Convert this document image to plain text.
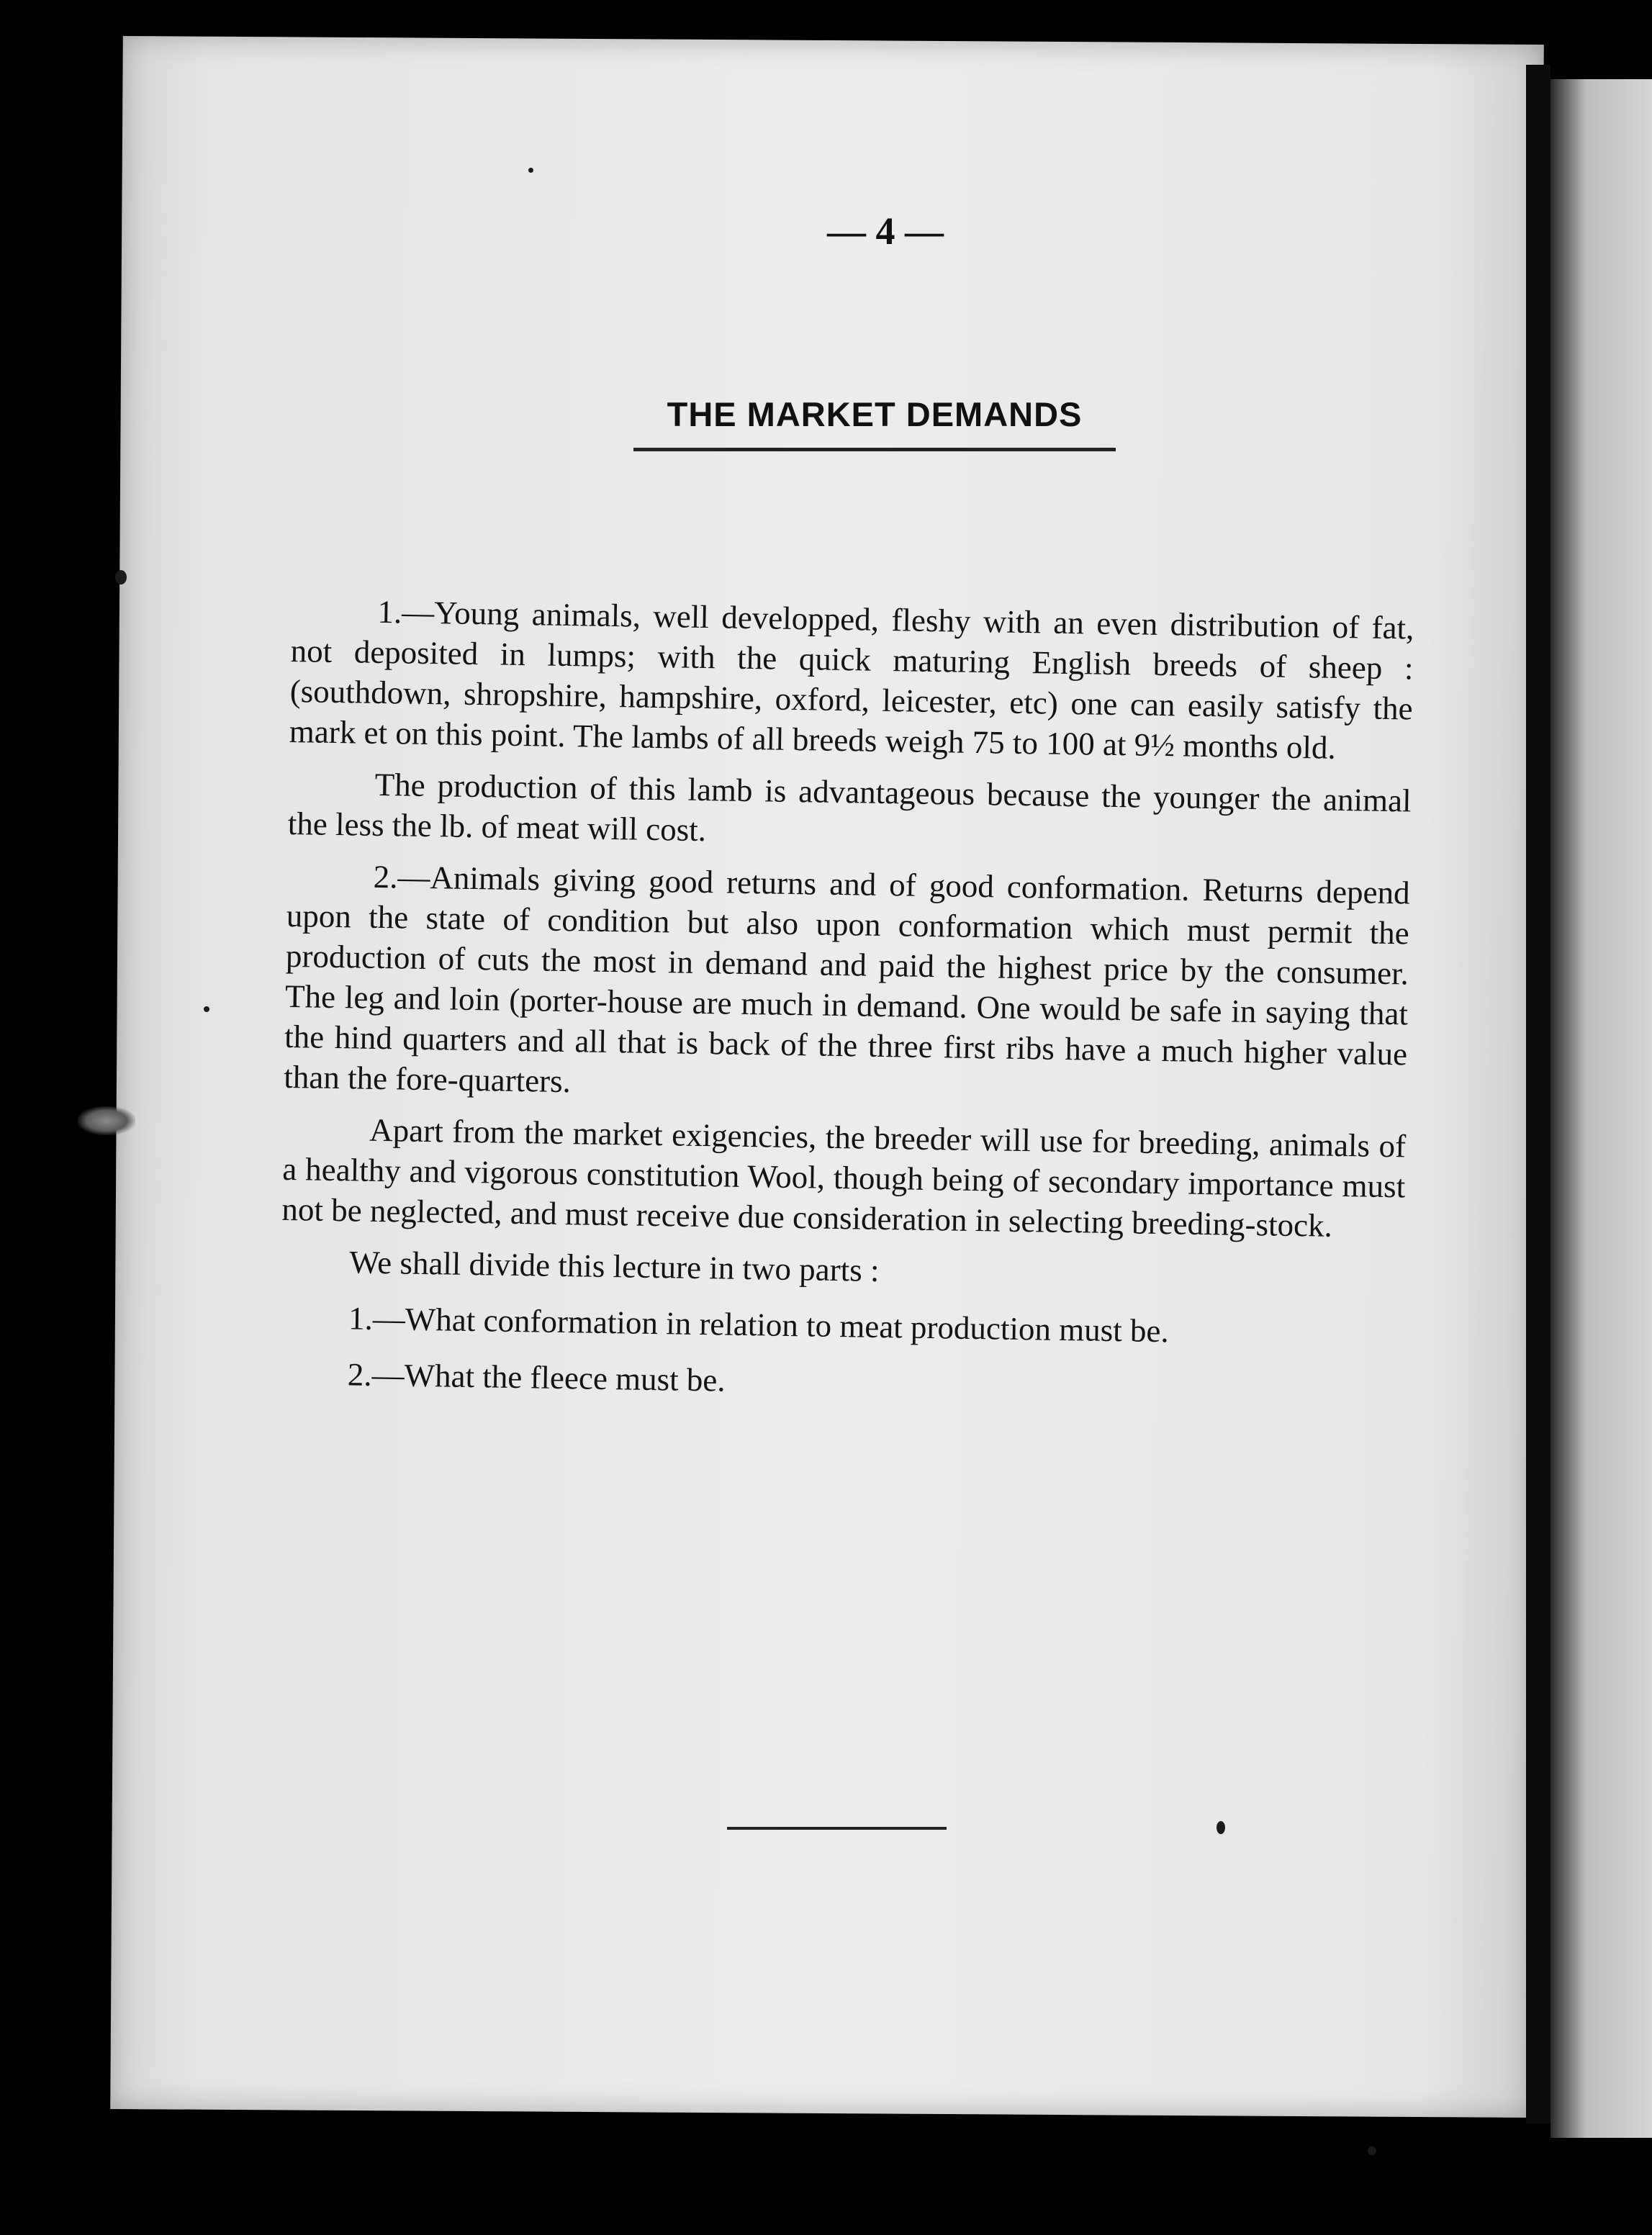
— 4 —
THE MARKET DEMANDS

1.—Young animals, well developped, fleshy with an even distribution of fat, not deposited in lumps; with the quick maturing English breeds of sheep : (southdown, shropshire, hampshire, oxford, leicester, etc) one can easily satisfy the mark et on this point. The lambs of all breeds weigh 75 to 100 at 9½ months old.

The production of this lamb is advantageous because the younger the animal the less the lb. of meat will cost.

2.—Animals giving good returns and of good conformation. Returns depend upon the state of condition but also upon conformation which must permit the production of cuts the most in demand and paid the highest price by the consumer. The leg and loin (porter-house are much in demand. One would be safe in saying that the hind quarters and all that is back of the three first ribs have a much higher value than the fore-quarters.

Apart from the market exigencies, the breeder will use for breeding, animals of a healthy and vigorous constitution Wool, though being of secondary importance must not be neglected, and must receive due consideration in selecting breeding-stock.

We shall divide this lecture in two parts :

1.—What conformation in relation to meat production must be.

2.—What the fleece must be.
